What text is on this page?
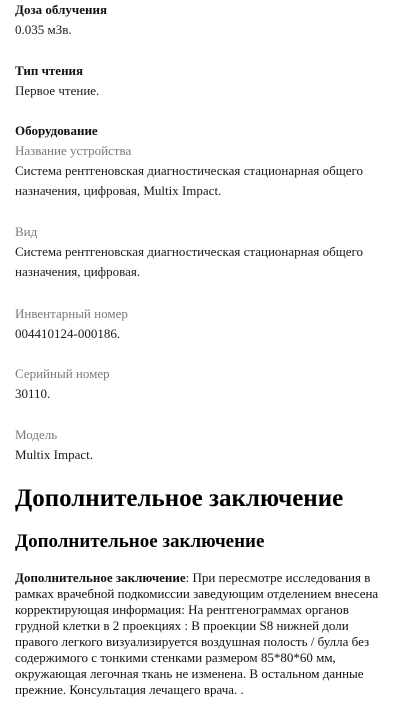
Доза облучения
0.035 мЗв.
Тип чтения
Первое чтение.
Оборудование
Название устройства
Система рентгеновская диагностическая стационарная общего назначения, цифровая, Multix Impact.
Вид
Система рентгеновская диагностическая стационарная общего назначения, цифровая.
Инвентарный номер
004410124-000186.
Серийный номер
30110.
Модель
Multix Impact.
Дополнительное заключение
Дополнительное заключение
Дополнительное заключение: При пересмотре исследования в рамках врачебной подкомиссии заведующим отделением внесена корректирующая информация: На рентгенограммах органов грудной клетки в 2 проекциях : В проекции S8 нижней доли правого легкого визуализируется воздушная полость / булла без содержимого с тонкими стенками размером 85*80*60 мм, окружающая легочная ткань не изменена. В остальном данные прежние. Консультация лечащего врача. .
